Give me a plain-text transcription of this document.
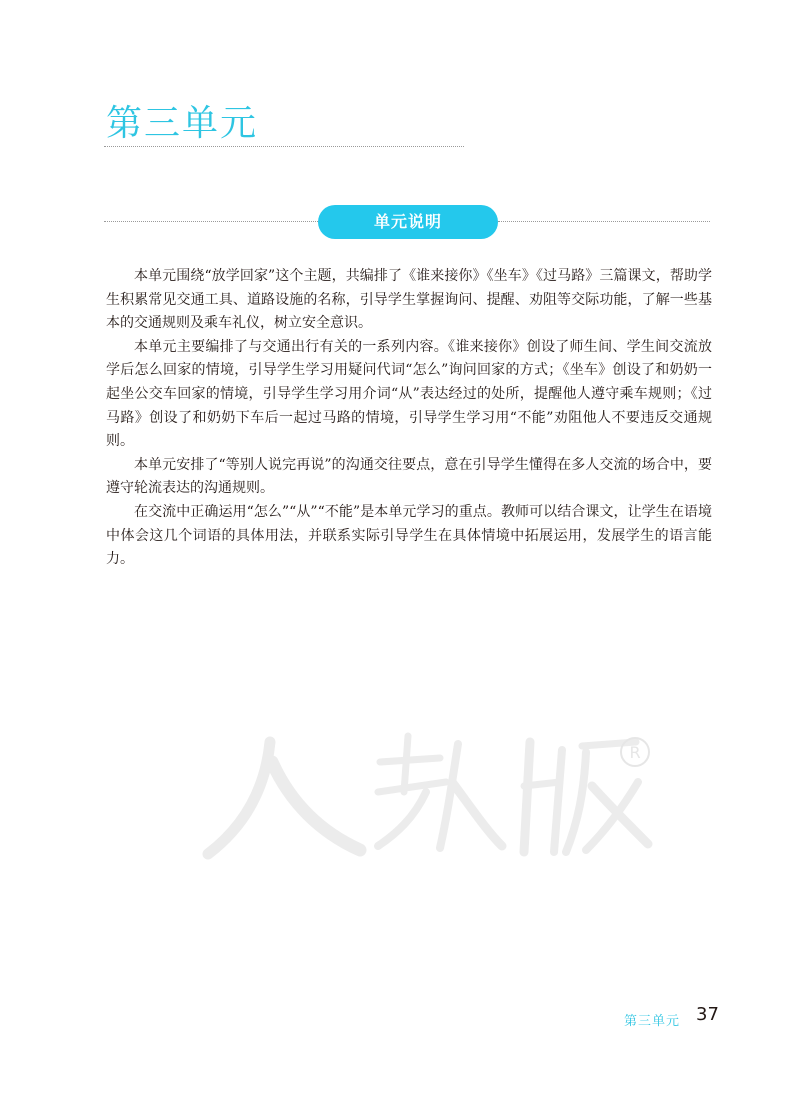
第三单元
单元说明

本单元围绕“放学回家”这个主题，共编排了《谁来接你》《坐车》《过马路》三篇课文，帮助学生积累常见交通工具、道路设施的名称，引导学生掌握询问、提醒、劝阻等交际功能，了解一些基本的交通规则及乘车礼仪，树立安全意识。

本单元主要编排了与交通出行有关的一系列内容。《谁来接你》创设了师生间、学生间交流放学后怎么回家的情境，引导学生学习用疑问代词“怎么”询问回家的方式；《坐车》创设了和奶奶一起坐公交车回家的情境，引导学生学习用介词“从”表达经过的处所，提醒他人遵守乘车规则；《过马路》创设了和奶奶下车后一起过马路的情境，引导学生学习用“不能”劝阻他人不要违反交通规则。

本单元安排了“等别人说完再说”的沟通交往要点，意在引导学生懂得在多人交流的场合中，要遵守轮流表达的沟通规则。

在交流中正确运用“怎么”“从”“不能”是本单元学习的重点。教师可以结合课文，让学生在语境中体会这几个词语的具体用法，并联系实际引导学生在具体情境中拓展运用，发展学生的语言能力。

R
第三单元 37
